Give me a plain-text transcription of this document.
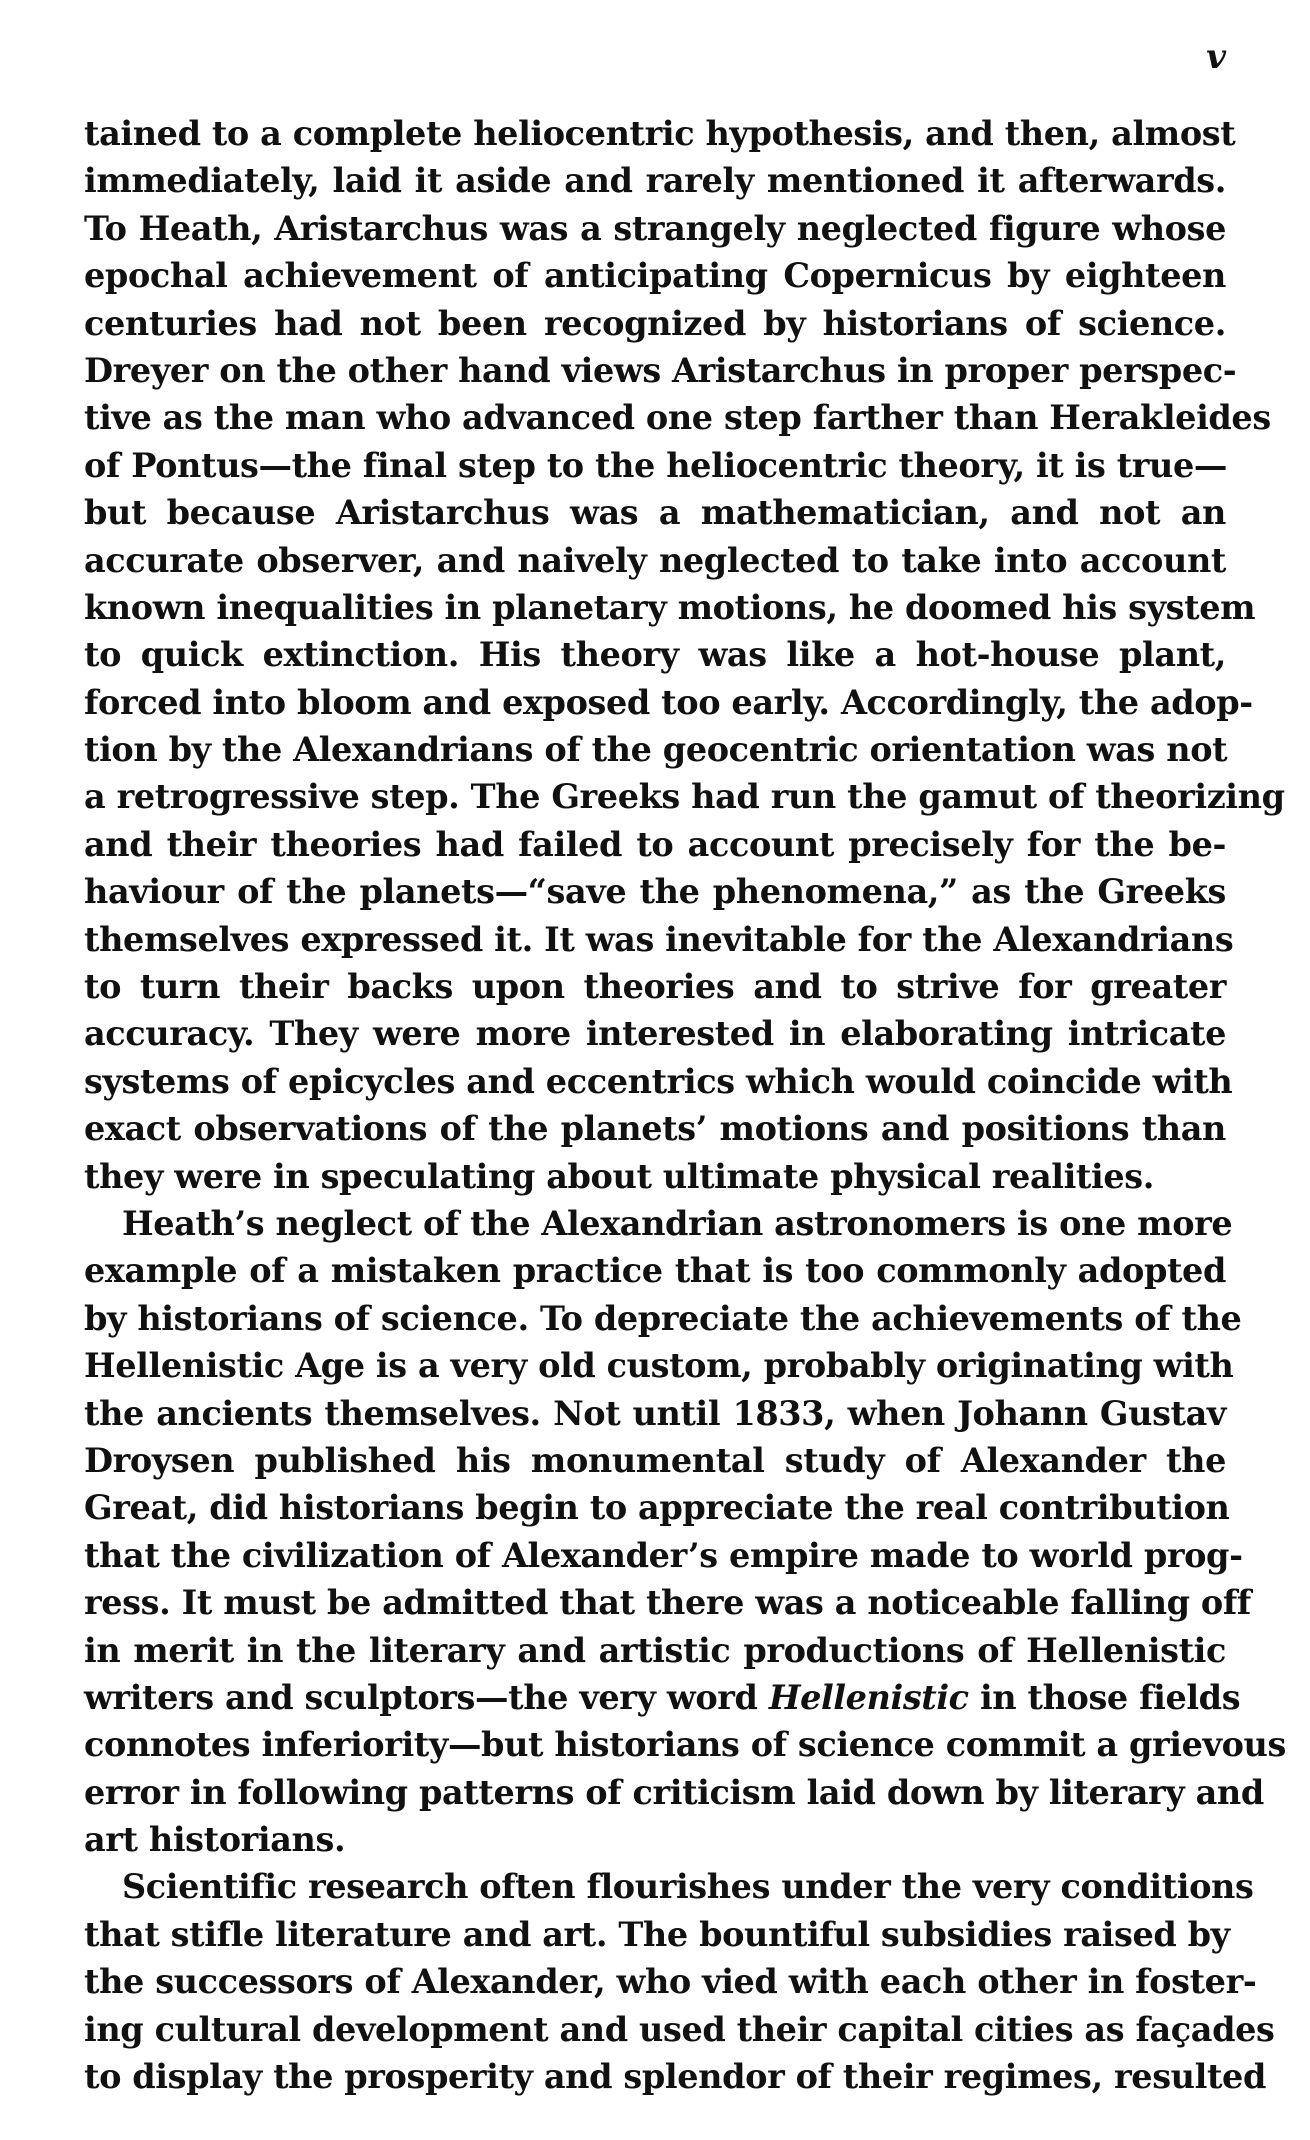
v
tained to a complete heliocentric hypothesis, and then, almost
immediately, laid it aside and rarely mentioned it afterwards.
To Heath, Aristarchus was a strangely neglected figure whose
epochal achievement of anticipating Copernicus by eighteen
centuries had not been recognized by historians of science.
Dreyer on the other hand views Aristarchus in proper perspec-
tive as the man who advanced one step farther than Herakleides
of Pontus—the final step to the heliocentric theory, it is true—
but because Aristarchus was a mathematician, and not an
accurate observer, and naively neglected to take into account
known inequalities in planetary motions, he doomed his system
to quick extinction. His theory was like a hot-house plant,
forced into bloom and exposed too early. Accordingly, the adop-
tion by the Alexandrians of the geocentric orientation was not
a retrogressive step. The Greeks had run the gamut of theorizing
and their theories had failed to account precisely for the be-
haviour of the planets—“save the phenomena,” as the Greeks
themselves expressed it. It was inevitable for the Alexandrians
to turn their backs upon theories and to strive for greater
accuracy. They were more interested in elaborating intricate
systems of epicycles and eccentrics which would coincide with
exact observations of the planets’ motions and positions than
they were in speculating about ultimate physical realities.
Heath’s neglect of the Alexandrian astronomers is one more
example of a mistaken practice that is too commonly adopted
by historians of science. To depreciate the achievements of the
Hellenistic Age is a very old custom, probably originating with
the ancients themselves. Not until 1833, when Johann Gustav
Droysen published his monumental study of Alexander the
Great, did historians begin to appreciate the real contribution
that the civilization of Alexander’s empire made to world prog-
ress. It must be admitted that there was a noticeable falling off
in merit in the literary and artistic productions of Hellenistic
writers and sculptors—the very word Hellenistic in those fields
connotes inferiority—but historians of science commit a grievous
error in following patterns of criticism laid down by literary and
art historians.
Scientific research often flourishes under the very conditions
that stifle literature and art. The bountiful subsidies raised by
the successors of Alexander, who vied with each other in foster-
ing cultural development and used their capital cities as façades
to display the prosperity and splendor of their regimes, resulted
